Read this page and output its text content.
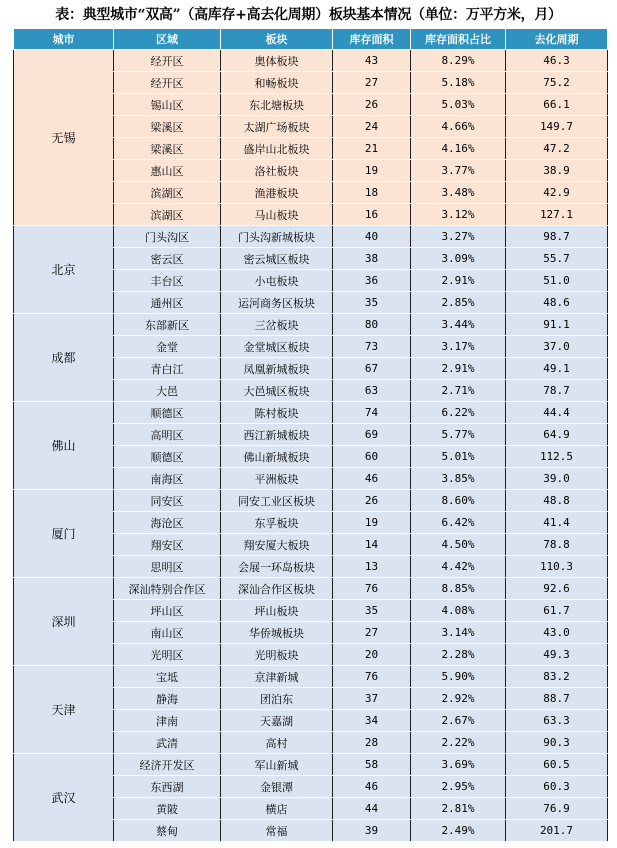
表：典型城市“双高”（高库存+高去化周期）板块基本情况（单位：万平方米，月）
城市	区域	板块	库存面积	库存面积占比	去化周期
无锡	经开区	奥体板块	43	8.29%	46.3
	经开区	和畅板块	27	5.18%	75.2
	锡山区	东北塘板块	26	5.03%	66.1
	梁溪区	太湖广场板块	24	4.66%	149.7
	梁溪区	盛岸山北板块	21	4.16%	47.2
	惠山区	洛社板块	19	3.77%	38.9
	滨湖区	渔港板块	18	3.48%	42.9
	滨湖区	马山板块	16	3.12%	127.1
北京	门头沟区	门头沟新城板块	40	3.27%	98.7
	密云区	密云城区板块	38	3.09%	55.7
	丰台区	小屯板块	36	2.91%	51.0
	通州区	运河商务区板块	35	2.85%	48.6
成都	东部新区	三岔板块	80	3.44%	91.1
	金堂	金堂城区板块	73	3.17%	37.0
	青白江	凤凰新城板块	67	2.91%	49.1
	大邑	大邑城区板块	63	2.71%	78.7
佛山	顺德区	陈村板块	74	6.22%	44.4
	高明区	西江新城板块	69	5.77%	64.9
	顺德区	佛山新城板块	60	5.01%	112.5
	南海区	平洲板块	46	3.85%	39.0
厦门	同安区	同安工业区板块	26	8.60%	48.8
	海沧区	东孚板块	19	6.42%	41.4
	翔安区	翔安厦大板块	14	4.50%	78.8
	思明区	会展一环岛板块	13	4.42%	110.3
深圳	深汕特别合作区	深汕合作区板块	76	8.85%	92.6
	坪山区	坪山板块	35	4.08%	61.7
	南山区	华侨城板块	27	3.14%	43.0
	光明区	光明板块	20	2.28%	49.3
天津	宝坻	京津新城	76	5.90%	83.2
	静海	团泊东	37	2.92%	88.7
	津南	天嘉湖	34	2.67%	63.3
	武清	高村	28	2.22%	90.3
武汉	经济开发区	军山新城	58	3.69%	60.5
	东西湖	金银潭	46	2.95%	60.3
	黄陂	横店	44	2.81%	76.9
	蔡甸	常福	39	2.49%	201.7
